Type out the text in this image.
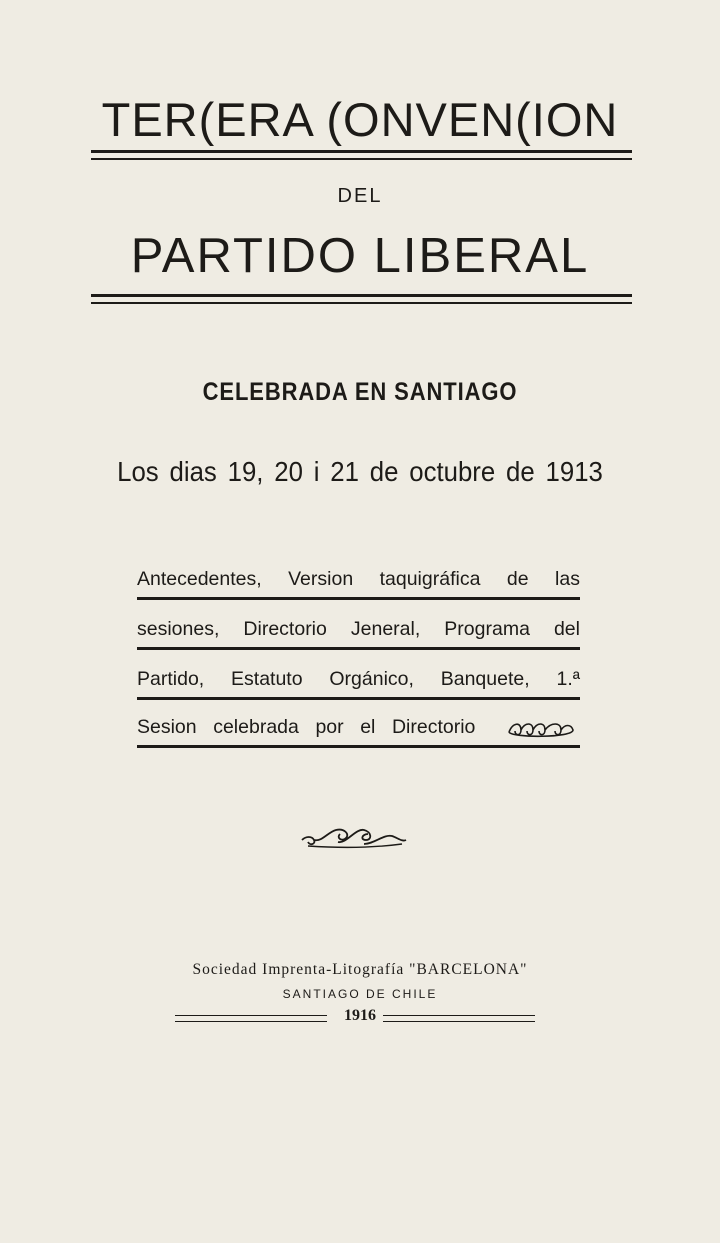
TER(ERA (ONVEN(ION
DEL
PARTIDO LIBERAL
CELEBRADA EN SANTIAGO
Los dias 19, 20 i 21 de octubre de 1913
Antecedentes, Version taquigráfica de las
sesiones, Directorio Jeneral, Programa del
Partido, Estatuto Orgánico, Banquete, 1.ª
Sesion celebrada por el Directorio
Sociedad Imprenta-Litografía "BARCELONA"
SANTIAGO DE CHILE
1916
